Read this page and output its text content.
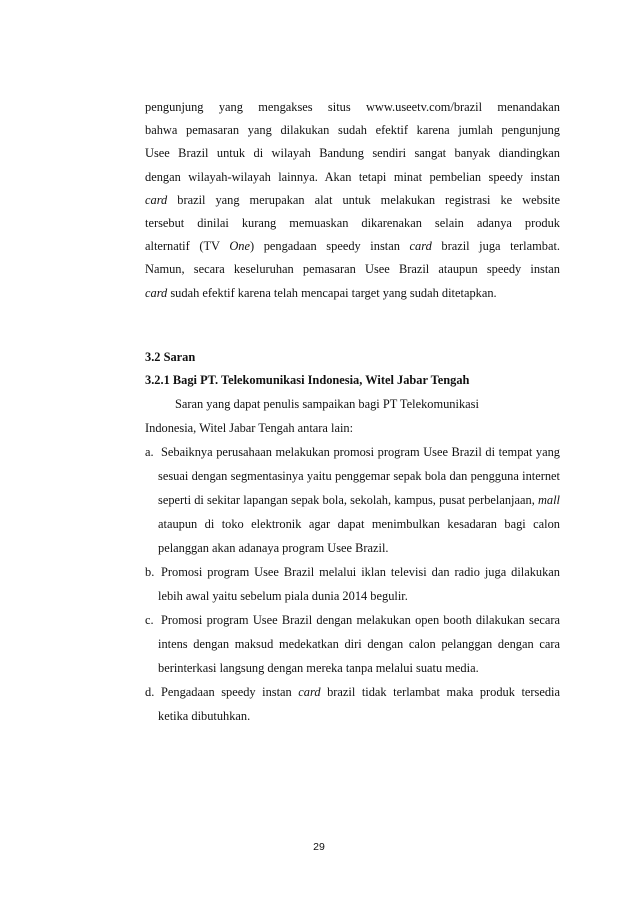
pengunjung yang mengakses situs www.useetv.com/brazil menandakan
bahwa pemasaran yang dilakukan sudah efektif karena jumlah pengunjung
Usee Brazil untuk di wilayah Bandung sendiri sangat banyak diandingkan
dengan wilayah-wilayah lainnya. Akan tetapi minat pembelian speedy instan
card brazil yang merupakan alat untuk melakukan registrasi ke website
tersebut dinilai kurang memuaskan dikarenakan selain adanya produk
alternatif (TV One) pengadaan speedy instan card brazil juga terlambat.
Namun, secara keseluruhan pemasaran Usee Brazil ataupun speedy instan
card sudah efektif karena telah mencapai target yang sudah ditetapkan.
3.2 Saran
3.2.1 Bagi PT. Telekomunikasi Indonesia, Witel Jabar Tengah
Saran yang dapat penulis sampaikan bagi PT Telekomunikasi
Indonesia, Witel Jabar Tengah antara lain:
a. Sebaiknya perusahaan melakukan promosi program Usee Brazil di tempat yang sesuai dengan segmentasinya yaitu penggemar sepak bola dan pengguna internet seperti di sekitar lapangan sepak bola, sekolah, kampus, pusat perbelanjaan, mall ataupun di toko elektronik agar dapat menimbulkan kesadaran bagi calon pelanggan akan adanaya program Usee Brazil.
b. Promosi program Usee Brazil melalui iklan televisi dan radio juga dilakukan lebih awal yaitu sebelum piala dunia 2014 begulir.
c. Promosi program Usee Brazil dengan melakukan open booth dilakukan secara intens dengan maksud medekatkan diri dengan calon pelanggan dengan cara berinterkasi langsung dengan mereka tanpa melalui suatu media.
d. Pengadaan speedy instan card brazil tidak terlambat maka produk tersedia ketika dibutuhkan.
29
